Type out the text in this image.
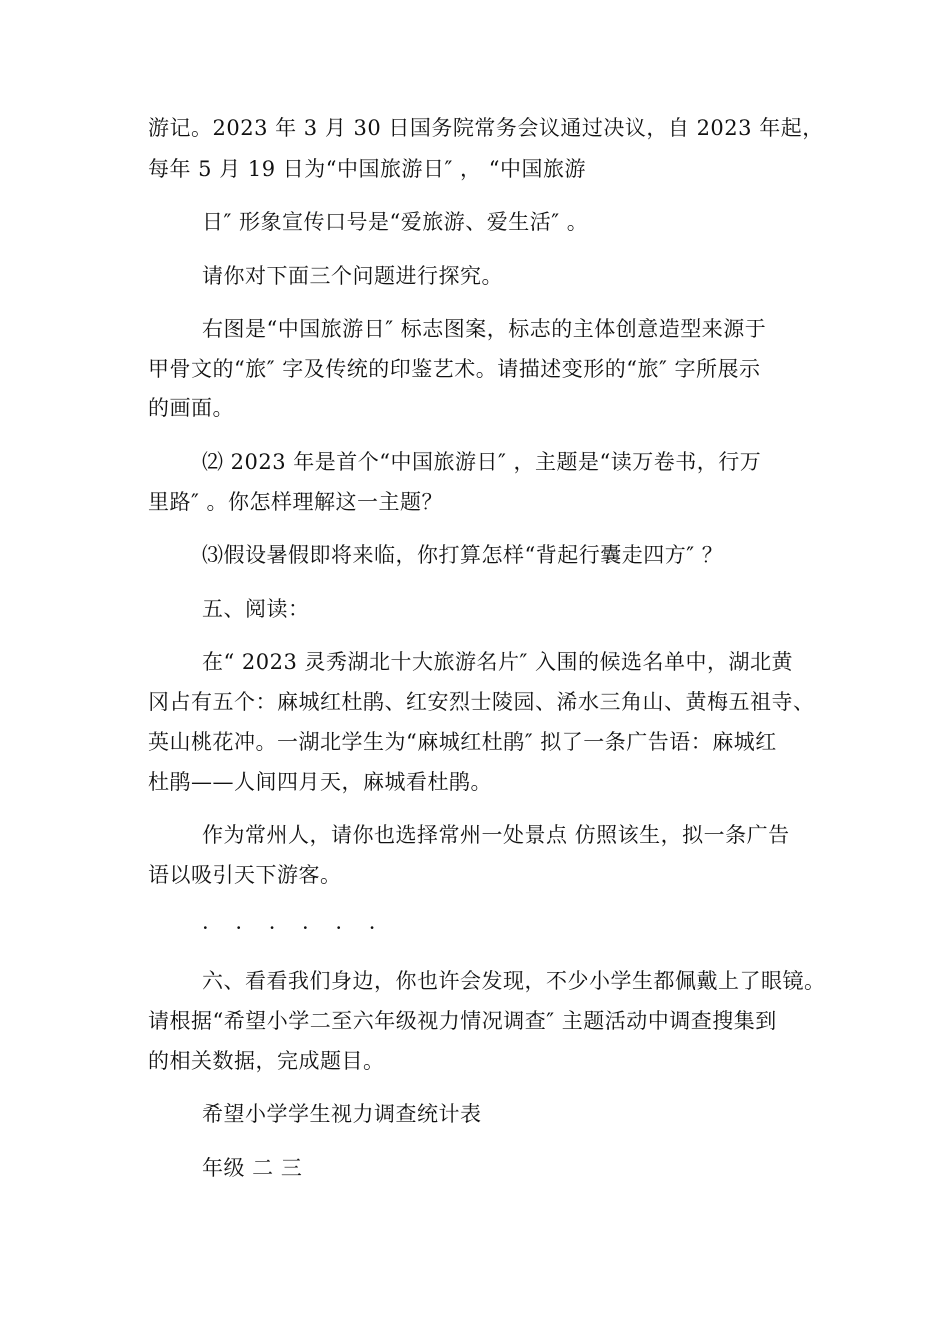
游记。2023 年 3 月 30 日国务院常务会议通过决议，自 2023 年起，
每年 5 月 19 日为“中国旅游日″ ， “中国旅游
日″ 形象宣传口号是“爱旅游、爱生活″ 。
请你对下面三个问题进行探究。
右图是“中国旅游日″ 标志图案，标志的主体创意造型来源于
甲骨文的“旅″ 字及传统的印鉴艺术。请描述变形的“旅″ 字所展示
的画面。
⑵ 2023 年是首个“中国旅游日″ ，主题是“读万卷书，行万
里路″ 。你怎样理解这一主题？
⑶假设暑假即将来临，你打算怎样“背起行囊走四方″ ？
五、阅读：
在“ 2023 灵秀湖北十大旅游名片″ 入围的候选名单中，湖北黄
冈占有五个：麻城红杜鹃、红安烈士陵园、浠水三角山、黄梅五祖寺、
英山桃花冲。一湖北学生为“麻城红杜鹃″ 拟了一条广告语：麻城红
杜鹃——人间四月天，麻城看杜鹃。
作为常州人，请你也选择常州一处景点 仿照该生，拟一条广告
语以吸引天下游客。
· · · · · ·
六、看看我们身边，你也许会发现，不少小学生都佩戴上了眼镜。
请根据“希望小学二至六年级视力情况调查″ 主题活动中调查搜集到
的相关数据，完成题目。
希望小学学生视力调查统计表
年级 二 三
